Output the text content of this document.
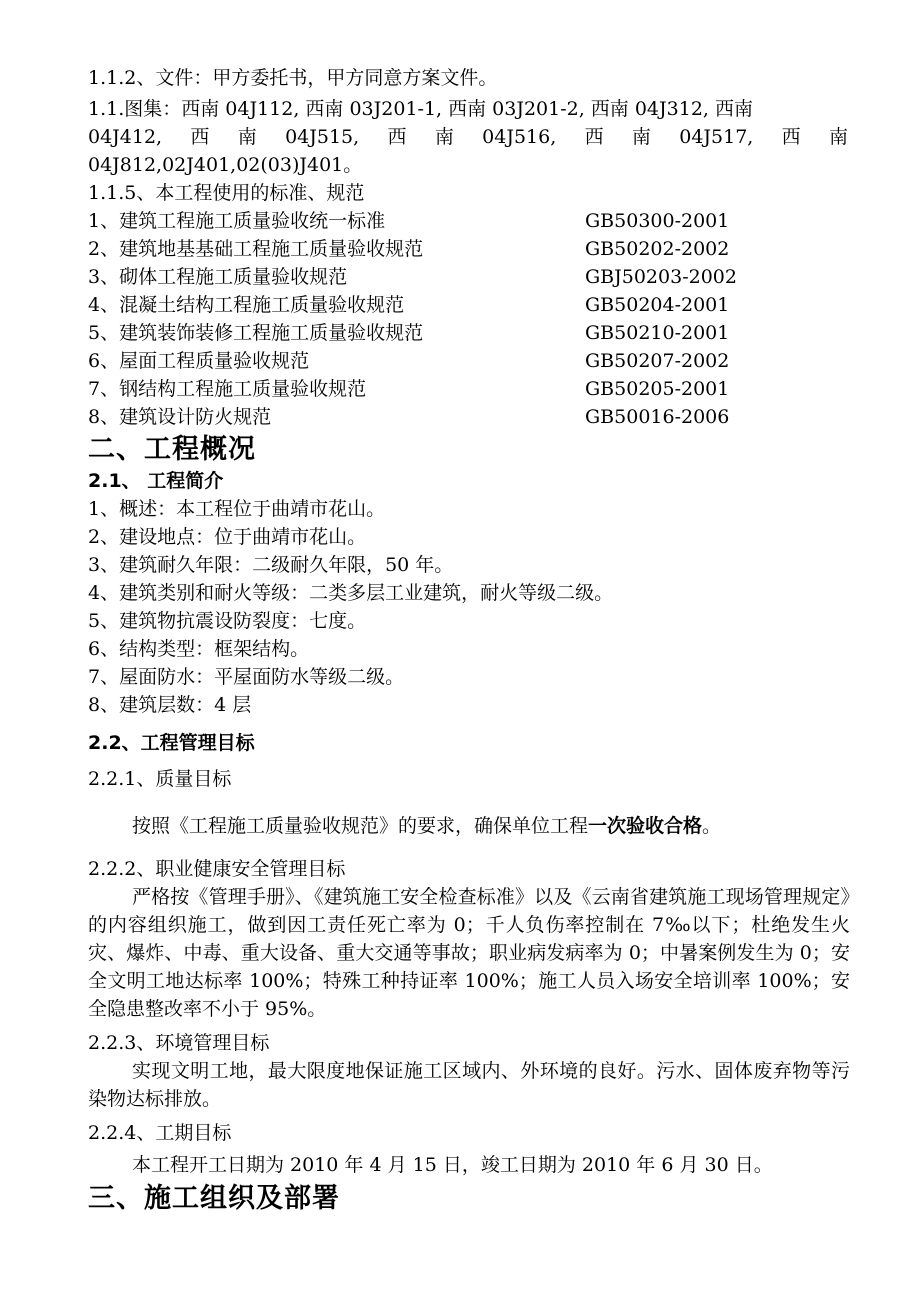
1.1.2、文件：甲方委托书，甲方同意方案文件。
1.1.图集：西南 04J112, 西南 03J201-1, 西南 03J201-2, 西南 04J312, 西南
04J412, 西 南 04J515, 西 南 04J516, 西 南 04J517, 西 南
04J812,02J401,02(03)J401。
1.1.5、本工程使用的标准、规范
1、建筑工程施工质量验收统一标准	GB50300-2001
2、建筑地基基础工程施工质量验收规范	GB50202-2002
3、砌体工程施工质量验收规范	GBJ50203-2002
4、混凝土结构工程施工质量验收规范	GB50204-2001
5、建筑装饰装修工程施工质量验收规范	GB50210-2001
6、屋面工程质量验收规范	GB50207-2002
7、钢结构工程施工质量验收规范	GB50205-2001
8、建筑设计防火规范	GB50016-2006
二、工程概况
2.1、 工程简介
1、概述：本工程位于曲靖市花山。
2、建设地点：位于曲靖市花山。
3、建筑耐久年限：二级耐久年限，50 年。
4、建筑类别和耐火等级：二类多层工业建筑，耐火等级二级。
5、建筑物抗震设防裂度：七度。
6、结构类型：框架结构。
7、屋面防水：平屋面防水等级二级。
8、建筑层数：4 层
2.2、工程管理目标
2.2.1、质量目标
按照《工程施工质量验收规范》的要求，确保单位工程一次验收合格。
2.2.2、职业健康安全管理目标
严格按《管理手册》、《建筑施工安全检查标准》以及《云南省建筑施工现场管理规定》的内容组织施工，做到因工责任死亡率为 0；千人负伤率控制在 7‰以下；杜绝发生火灾、爆炸、中毒、重大设备、重大交通等事故；职业病发病率为 0；中暑案例发生为 0；安全文明工地达标率 100%；特殊工种持证率 100%；施工人员入场安全培训率 100%；安全隐患整改率不小于 95%。
2.2.3、环境管理目标
实现文明工地，最大限度地保证施工区域内、外环境的良好。污水、固体废弃物等污染物达标排放。
2.2.4、工期目标
本工程开工日期为 2010 年 4 月 15 日，竣工日期为 2010 年 6 月 30 日。
三、施工组织及部署
